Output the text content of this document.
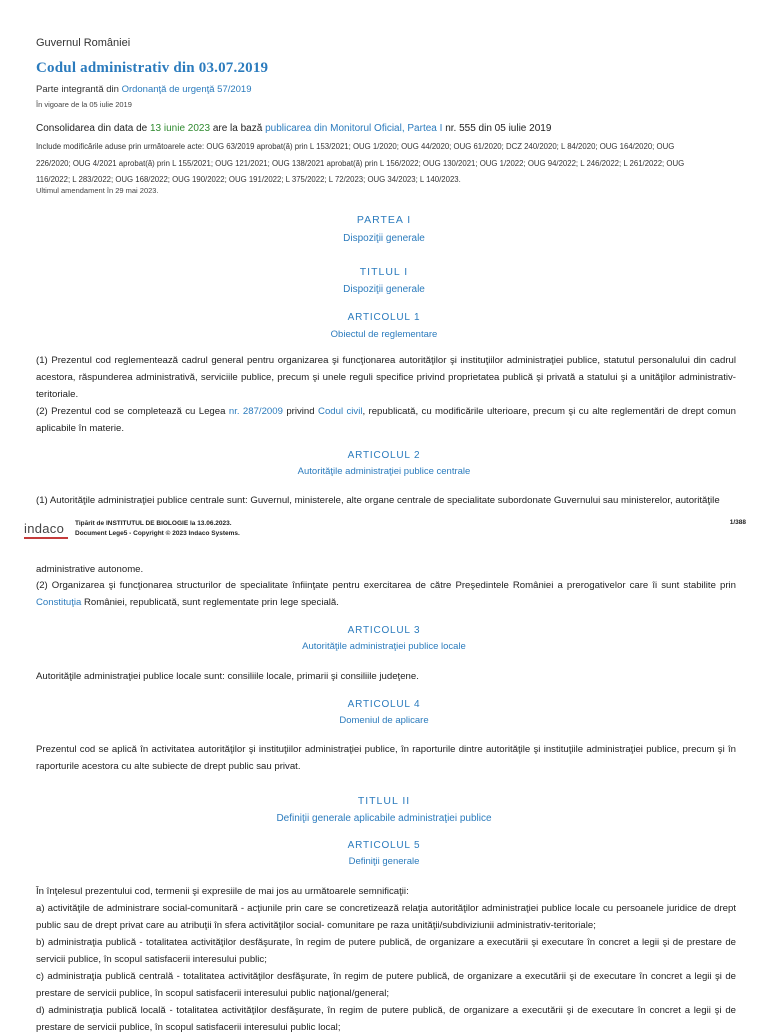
Guvernul României
Codul administrativ din 03.07.2019
Parte integrantă din Ordonanţă de urgenţă 57/2019
În vigoare de la 05 iulie 2019
Consolidarea din data de 13 iunie 2023 are la bază publicarea din Monitorul Oficial, Partea I nr. 555 din 05 iulie 2019
Include modificările aduse prin următoarele acte: OUG 63/2019 aprobat(ă) prin L 153/2021; OUG 1/2020; OUG 44/2020; OUG 61/2020; DCZ 240/2020; L 84/2020; OUG 164/2020; OUG
226/2020; OUG 4/2021 aprobat(ă) prin L 155/2021; OUG 121/2021; OUG 138/2021 aprobat(ă) prin L 156/2022; OUG 130/2021; OUG 1/2022; OUG 94/2022; L 246/2022; L 261/2022; OUG
116/2022; L 283/2022; OUG 168/2022; OUG 190/2022; OUG 191/2022; L 375/2022; L 72/2023; OUG 34/2023; L 140/2023.
Ultimul amendament în 29 mai 2023.
PARTEA I
Dispoziţii generale
TITLUL I
Dispoziţii generale
ARTICOLUL 1
Obiectul de reglementare
(1) Prezentul cod reglementează cadrul general pentru organizarea şi funcţionarea autorităţilor şi instituţiilor administraţiei publice, statutul personalului din cadrul acestora, răspunderea administrativă, serviciile publice, precum şi unele reguli specifice privind proprietatea publică şi privată a statului şi a unităţilor administrativ-teritoriale.
(2) Prezentul cod se completează cu Legea nr. 287/2009 privind Codul civil, republicată, cu modificările ulterioare, precum şi cu alte reglementări de drept comun aplicabile în materie.
ARTICOLUL 2
Autorităţile administraţiei publice centrale
(1) Autorităţile administraţiei publice centrale sunt: Guvernul, ministerele, alte organe centrale de specialitate subordonate Guvernului sau ministerelor, autorităţile
indaco Tipărit de INSTITUTUL DE BIOLOGIE la 13.06.2023.
Document Lege5 - Copyright © 2023 Indaco Systems.
1/388
administrative autonome.
(2) Organizarea şi funcţionarea structurilor de specialitate înfiinţate pentru exercitarea de către Preşedintele României a prerogativelor care îi sunt stabilite prin Constituţia României, republicată, sunt reglementate prin lege specială.
ARTICOLUL 3
Autorităţile administraţiei publice locale
Autorităţile administraţiei publice locale sunt: consiliile locale, primarii şi consiliile judeţene.
ARTICOLUL 4
Domeniul de aplicare
Prezentul cod se aplică în activitatea autorităţilor şi instituţiilor administraţiei publice, în raporturile dintre autorităţile şi instituţiile administraţiei publice, precum şi în raporturile acestora cu alte subiecte de drept public sau privat.
TITLUL II
Definiţii generale aplicabile administraţiei publice
ARTICOLUL 5
Definiţii generale
În înţelesul prezentului cod, termenii şi expresiile de mai jos au următoarele semnificaţii:
a) activităţile de administrare social-comunitară - acţiunile prin care se concretizează relaţia autorităţilor administraţiei publice locale cu persoanele juridice de drept public sau de drept privat care au atribuţii în sfera activităţilor social- comunitare pe raza unităţii/subdiviziunii administrativ-teritoriale;
b) administraţia publică - totalitatea activităţilor desfăşurate, în regim de putere publică, de organizare a executării şi executare în concret a legii şi de prestare de servicii publice, în scopul satisfacerii interesului public;
c) administraţia publică centrală - totalitatea activităţilor desfăşurate, în regim de putere publică, de organizare a executării şi de executare în concret a legii şi de prestare de servicii publice, în scopul satisfacerii interesului public naţional/general;
d) administraţia publică locală - totalitatea activităţilor desfăşurate, în regim de putere publică, de organizare a executării şi de executare în concret a legii şi de prestare de servicii publice, în scopul satisfacerii interesului public local;
